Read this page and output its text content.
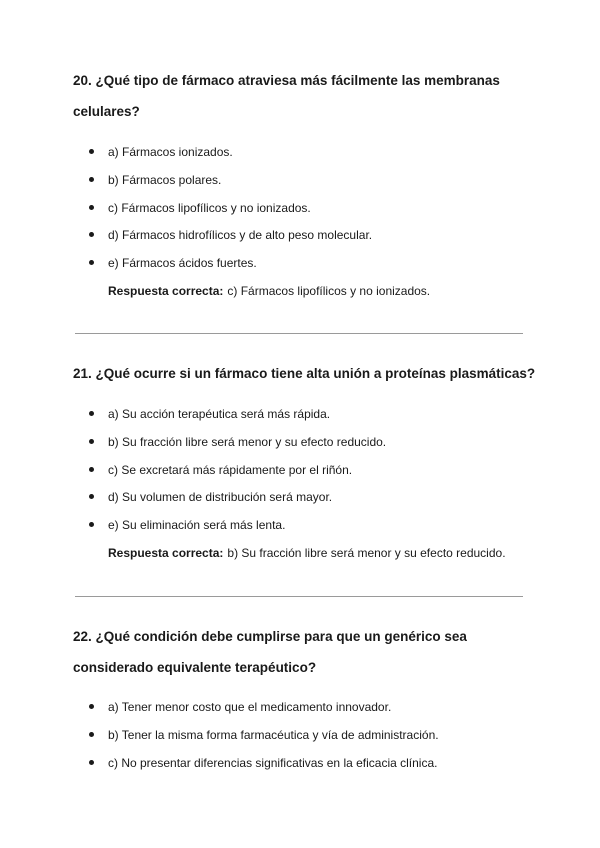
20. ¿Qué tipo de fármaco atraviesa más fácilmente las membranas celulares?

a) Fármacos ionizados.
b) Fármacos polares.
c) Fármacos lipofílicos y no ionizados.
d) Fármacos hidrofílicos y de alto peso molecular.
e) Fármacos ácidos fuertes.
Respuesta correcta: c) Fármacos lipofílicos y no ionizados.

21. ¿Qué ocurre si un fármaco tiene alta unión a proteínas plasmáticas?

a) Su acción terapéutica será más rápida.
b) Su fracción libre será menor y su efecto reducido.
c) Se excretará más rápidamente por el riñón.
d) Su volumen de distribución será mayor.
e) Su eliminación será más lenta.
Respuesta correcta: b) Su fracción libre será menor y su efecto reducido.

22. ¿Qué condición debe cumplirse para que un genérico sea considerado equivalente terapéutico?

a) Tener menor costo que el medicamento innovador.
b) Tener la misma forma farmacéutica y vía de administración.
c) No presentar diferencias significativas en la eficacia clínica.
